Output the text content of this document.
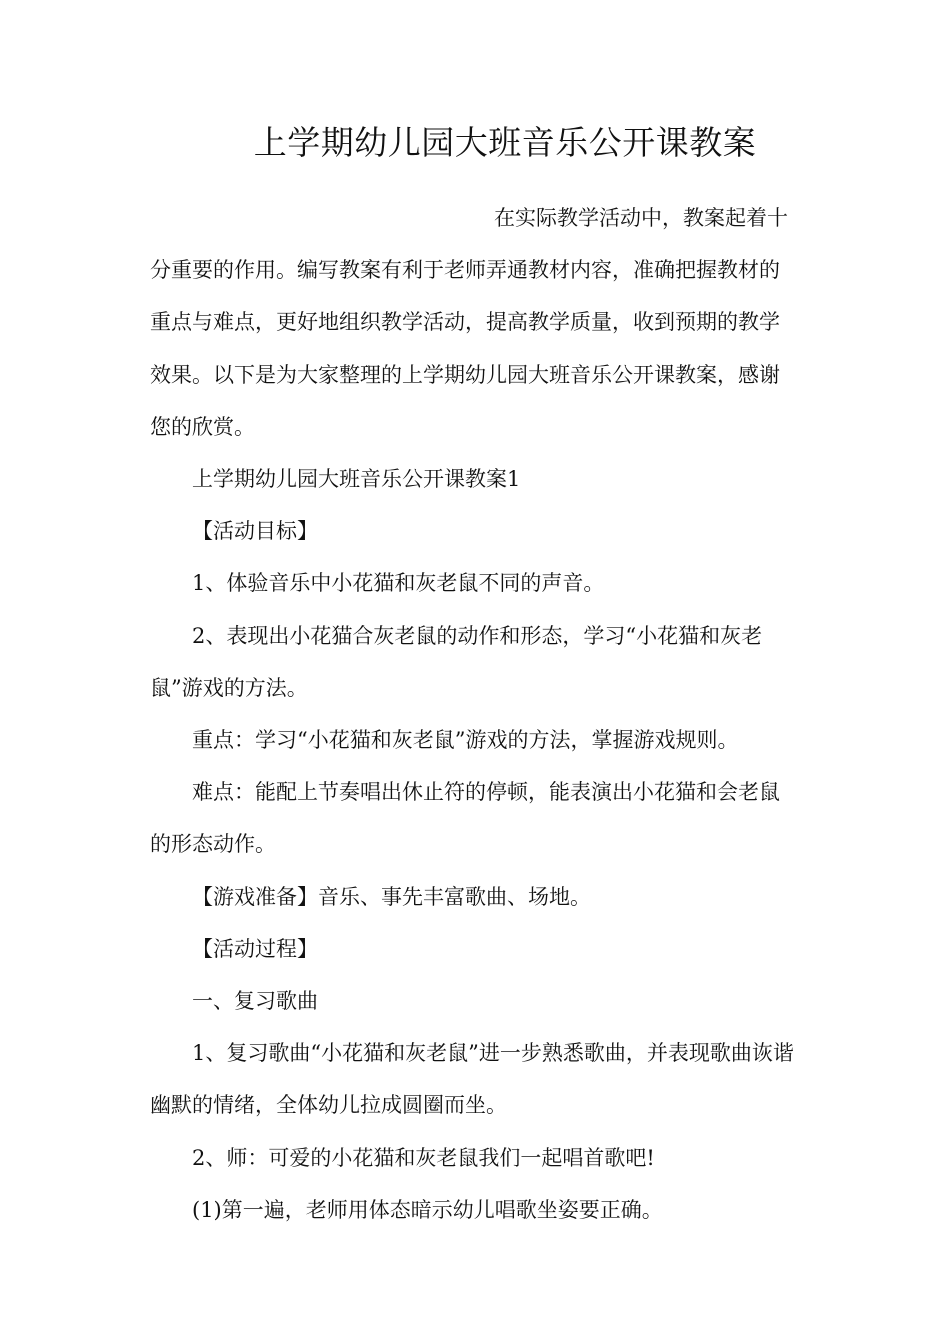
上学期幼儿园大班音乐公开课教案

在实际教学活动中，教案起着十分重要的作用。编写教案有利于老师弄通教材内容，准确把握教材的重点与难点，更好地组织教学活动，提高教学质量，收到预期的教学效果。以下是为大家整理的上学期幼儿园大班音乐公开课教案，感谢您的欣赏。

上学期幼儿园大班音乐公开课教案1

【活动目标】

1、体验音乐中小花猫和灰老鼠不同的声音。

2、表现出小花猫合灰老鼠的动作和形态，学习“小花猫和灰老鼠”游戏的方法。

重点：学习“小花猫和灰老鼠”游戏的方法，掌握游戏规则。

难点：能配上节奏唱出休止符的停顿，能表演出小花猫和会老鼠的形态动作。

【游戏准备】音乐、事先丰富歌曲、场地。

【活动过程】

一、复习歌曲

1、复习歌曲“小花猫和灰老鼠”进一步熟悉歌曲，并表现歌曲诙谐幽默的情绪，全体幼儿拉成圆圈而坐。

2、师：可爱的小花猫和灰老鼠我们一起唱首歌吧!

(1)第一遍，老师用体态暗示幼儿唱歌坐姿要正确。
